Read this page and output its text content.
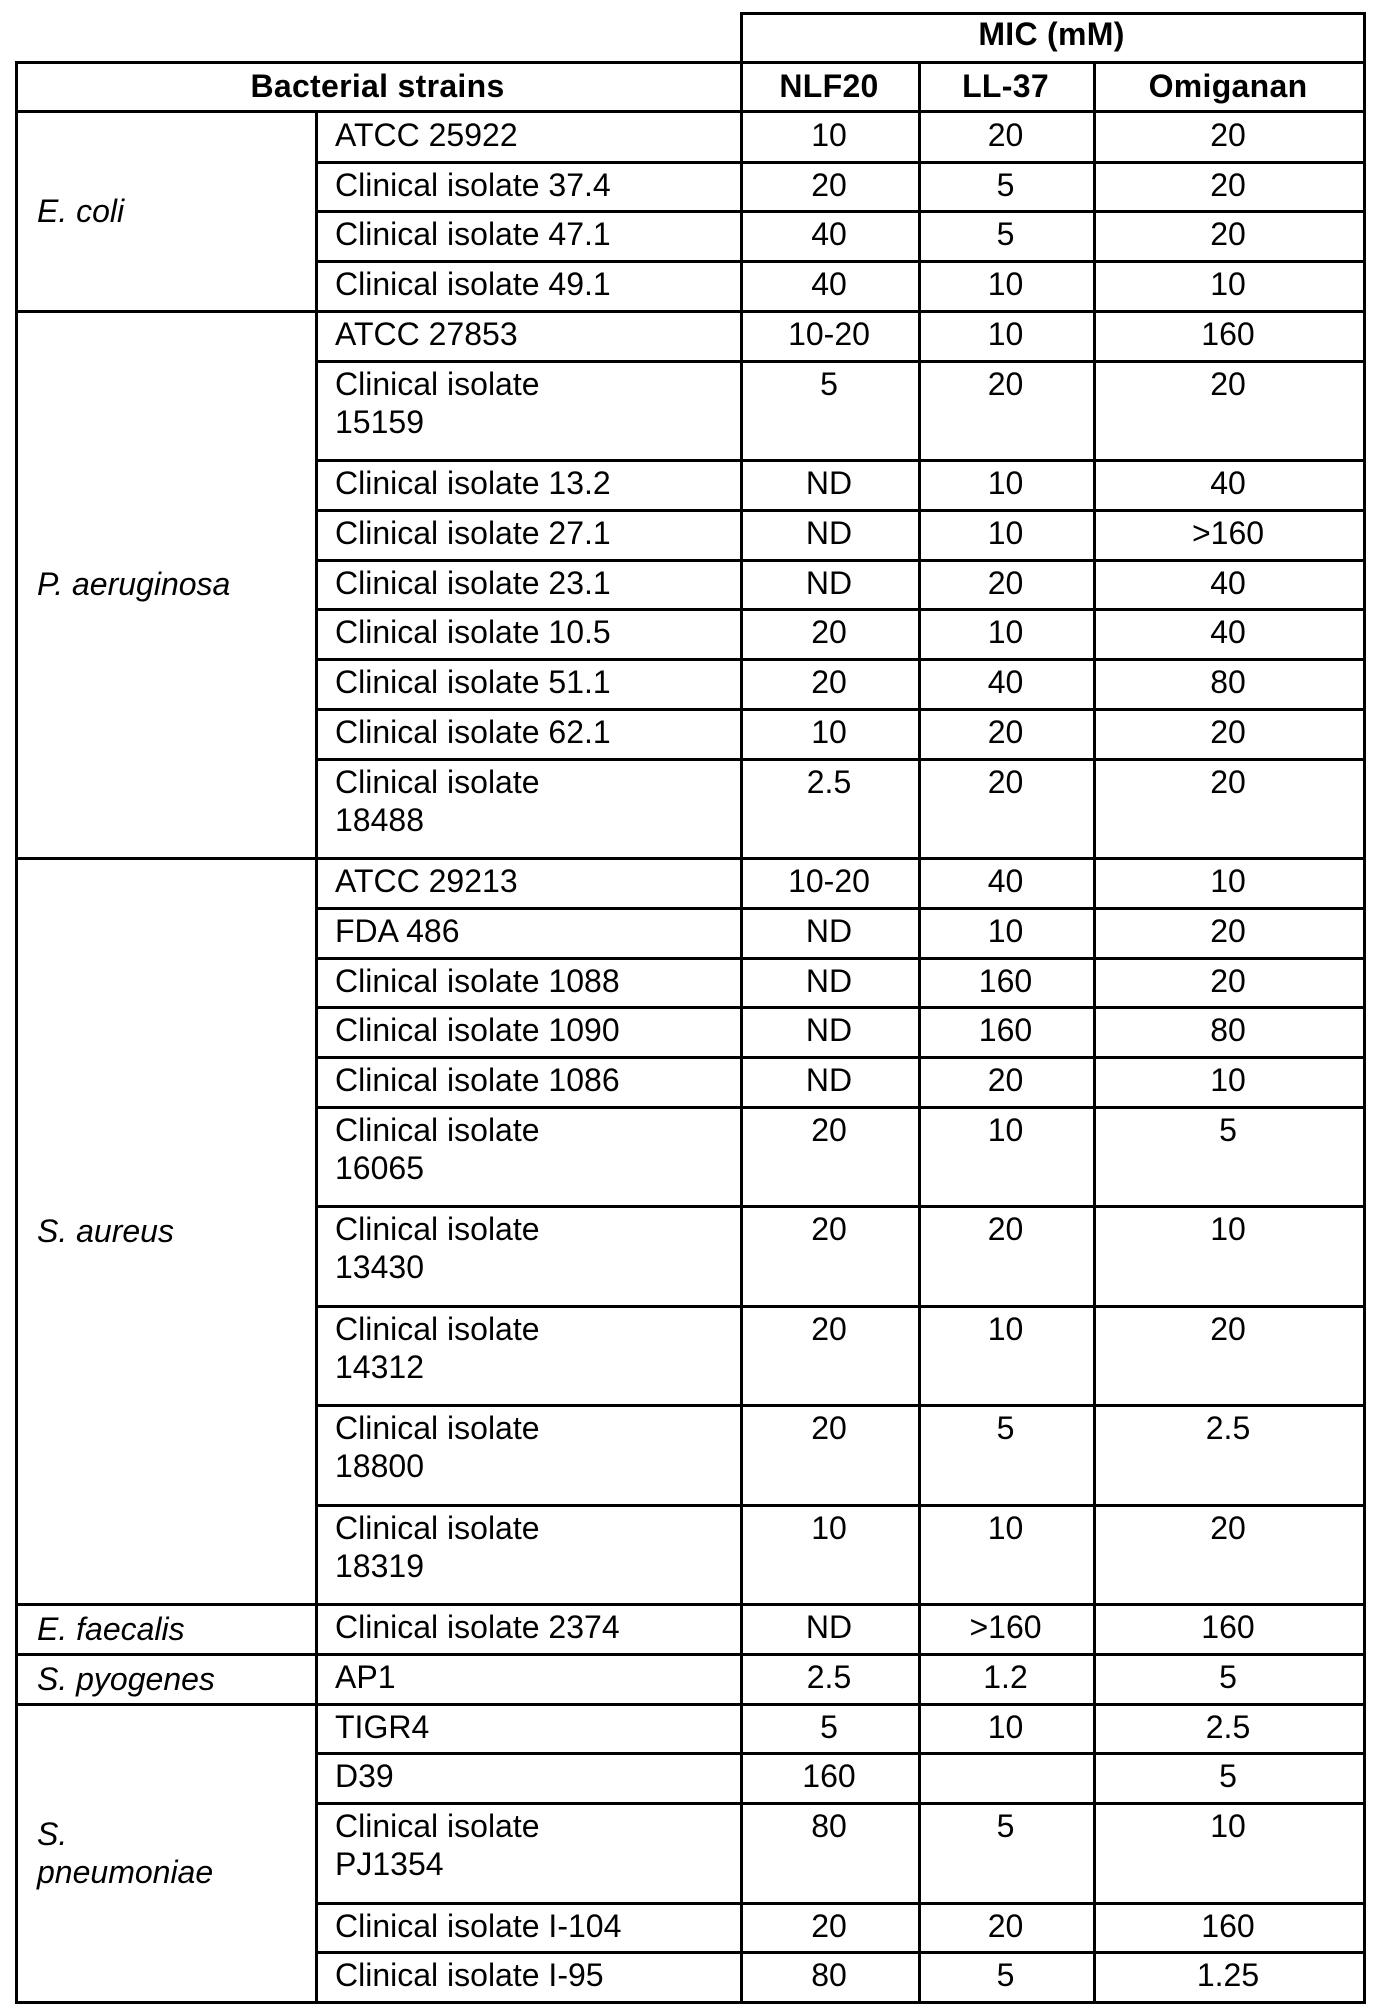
Bacterial strains
MIC (mM)
NLF20	LL-37	Omiganan
E. coli
ATCC 25922	10	20	20
Clinical isolate 37.4	20	5	20
Clinical isolate 47.1	40	5	20
Clinical isolate 49.1	40	10	10
P. aeruginosa
ATCC 27853	10-20	10	160
Clinical isolate 15159
5	20	20
Clinical isolate 13.2	ND	10	40
Clinical isolate 27.1	ND	10	>160
Clinical isolate 23.1	ND	20	40
Clinical isolate 10.5	20	10	40
Clinical isolate 51.1	20	40	80
Clinical isolate 62.1	10	20	20
Clinical isolate 18488
2.5	20	20
S. aureus
ATCC 29213	10-20	40	10
FDA 486	ND	10	20
Clinical isolate 1088	ND	160	20
Clinical isolate 1090	ND	160	80
Clinical isolate 1086	ND	20	10
Clinical isolate 16065
20	10	5
Clinical isolate 13430
20	20	10
Clinical isolate 14312
20	10	20
Clinical isolate 18800
20	5	2.5
Clinical isolate 18319
10	10	20
E. faecalis	Clinical isolate 2374	ND	>160	160
S. pyogenes	AP1	2.5	1.2	5
S. pneumoniae
TIGR4	5	10	2.5
D39	160	5
Clinical isolate PJ1354
80	5	10
Clinical isolate I-104	20	20	160
Clinical isolate I-95	80	5	1.25
